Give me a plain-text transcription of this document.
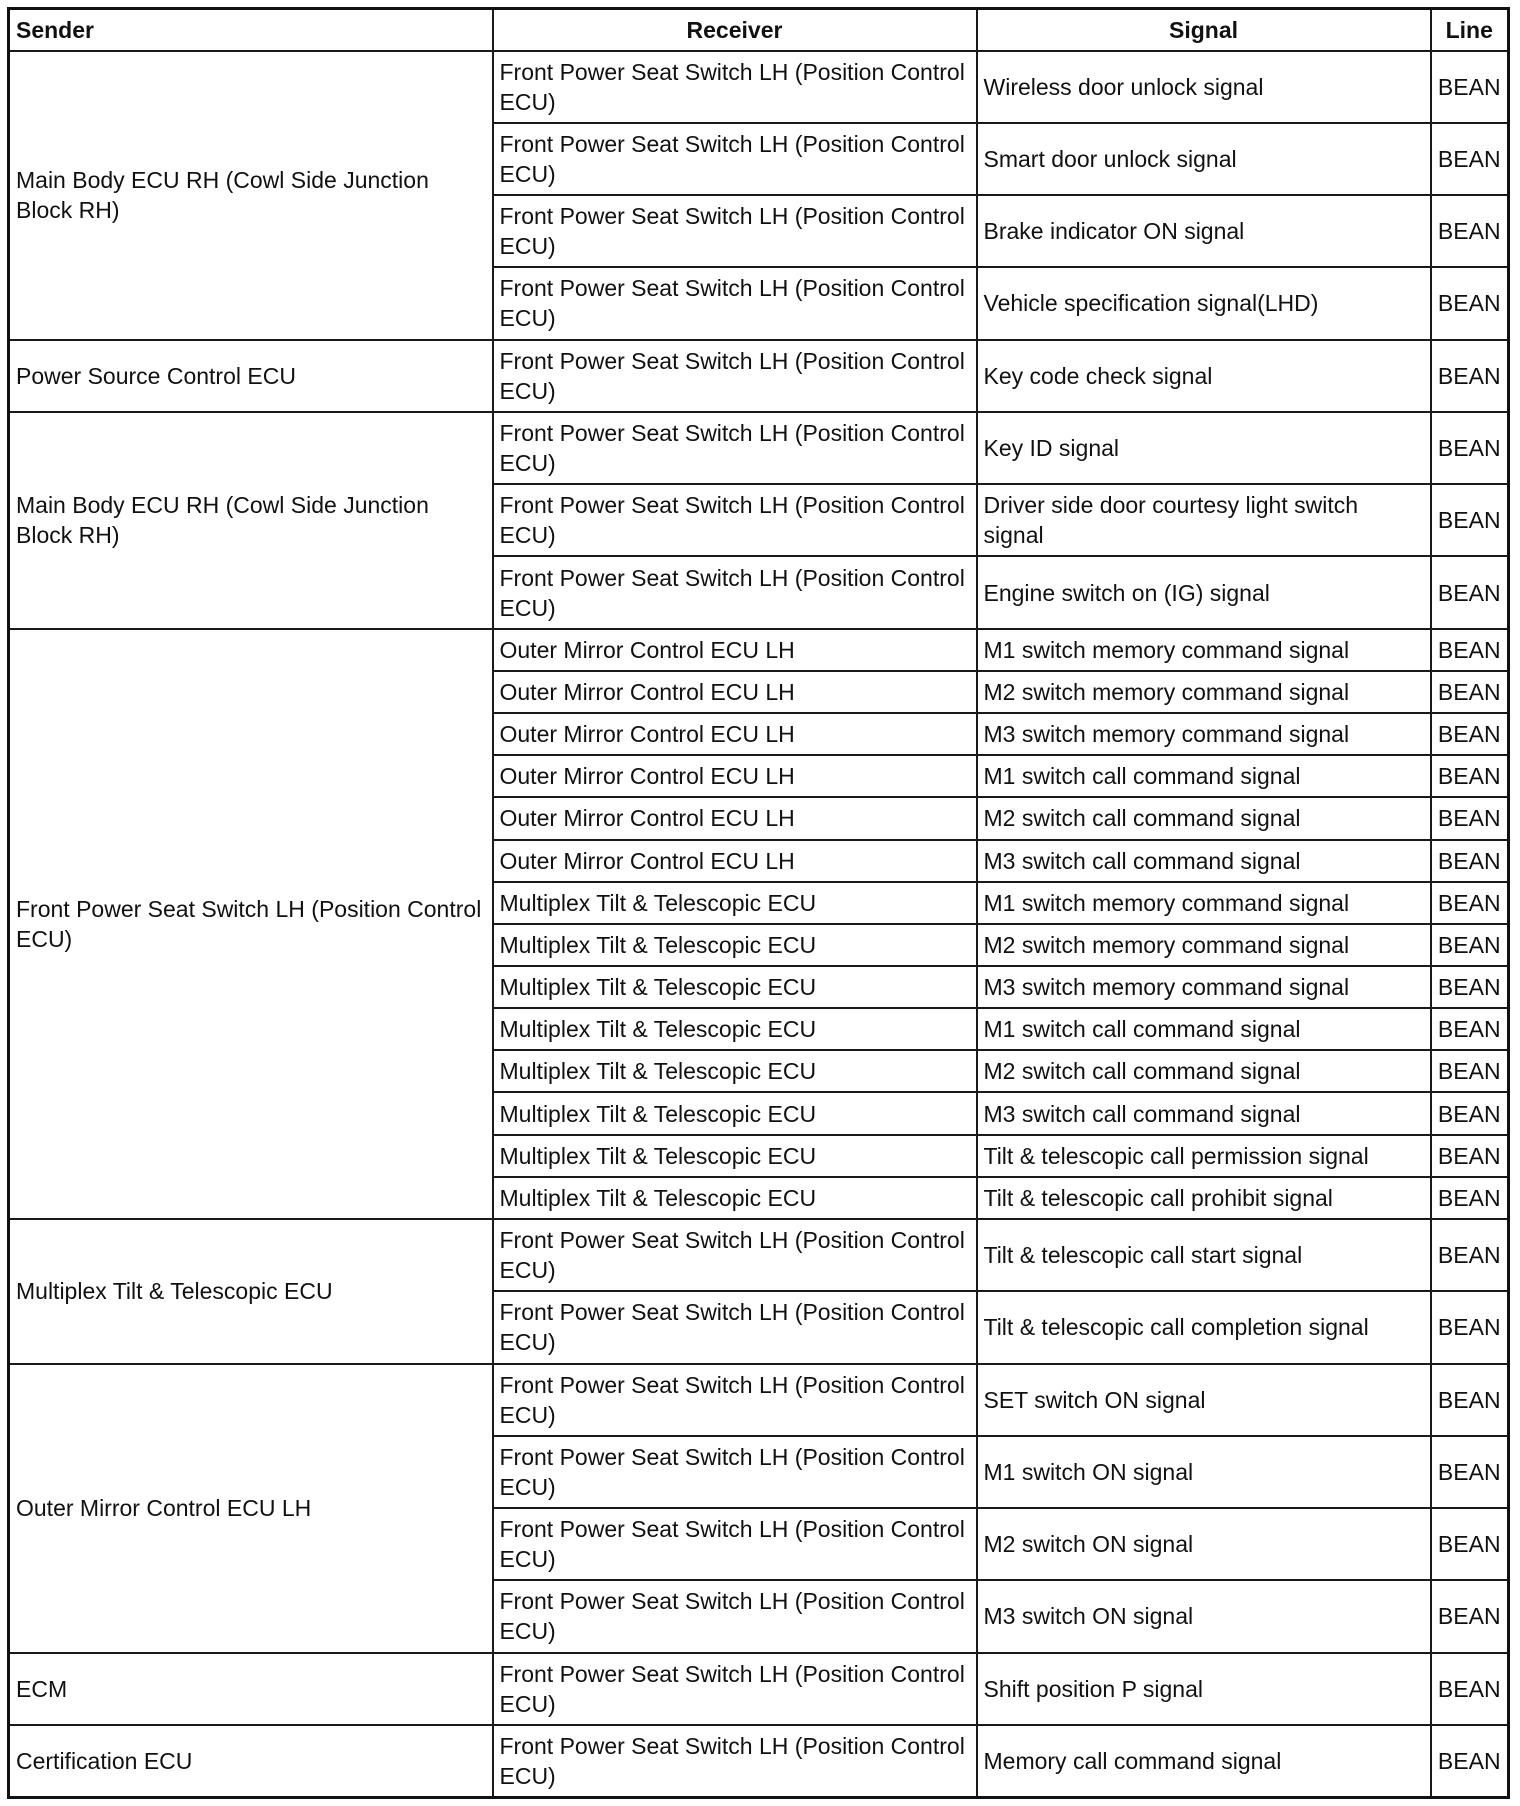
Sender	Receiver	Signal	Line
Main Body ECU RH (Cowl Side Junction Block RH)	Front Power Seat Switch LH (Position Control ECU)	Wireless door unlock signal	BEAN
	Front Power Seat Switch LH (Position Control ECU)	Smart door unlock signal	BEAN
	Front Power Seat Switch LH (Position Control ECU)	Brake indicator ON signal	BEAN
	Front Power Seat Switch LH (Position Control ECU)	Vehicle specification signal(LHD)	BEAN
Power Source Control ECU	Front Power Seat Switch LH (Position Control ECU)	Key code check signal	BEAN
Main Body ECU RH (Cowl Side Junction Block RH)	Front Power Seat Switch LH (Position Control ECU)	Key ID signal	BEAN
	Front Power Seat Switch LH (Position Control ECU)	Driver side door courtesy light switch signal	BEAN
	Front Power Seat Switch LH (Position Control ECU)	Engine switch on (IG) signal	BEAN
Front Power Seat Switch LH (Position Control ECU)	Outer Mirror Control ECU LH	M1 switch memory command signal	BEAN
	Outer Mirror Control ECU LH	M2 switch memory command signal	BEAN
	Outer Mirror Control ECU LH	M3 switch memory command signal	BEAN
	Outer Mirror Control ECU LH	M1 switch call command signal	BEAN
	Outer Mirror Control ECU LH	M2 switch call command signal	BEAN
	Outer Mirror Control ECU LH	M3 switch call command signal	BEAN
	Multiplex Tilt & Telescopic ECU	M1 switch memory command signal	BEAN
	Multiplex Tilt & Telescopic ECU	M2 switch memory command signal	BEAN
	Multiplex Tilt & Telescopic ECU	M3 switch memory command signal	BEAN
	Multiplex Tilt & Telescopic ECU	M1 switch call command signal	BEAN
	Multiplex Tilt & Telescopic ECU	M2 switch call command signal	BEAN
	Multiplex Tilt & Telescopic ECU	M3 switch call command signal	BEAN
	Multiplex Tilt & Telescopic ECU	Tilt & telescopic call permission signal	BEAN
	Multiplex Tilt & Telescopic ECU	Tilt & telescopic call prohibit signal	BEAN
Multiplex Tilt & Telescopic ECU	Front Power Seat Switch LH (Position Control ECU)	Tilt & telescopic call start signal	BEAN
	Front Power Seat Switch LH (Position Control ECU)	Tilt & telescopic call completion signal	BEAN
Outer Mirror Control ECU LH	Front Power Seat Switch LH (Position Control ECU)	SET switch ON signal	BEAN
	Front Power Seat Switch LH (Position Control ECU)	M1 switch ON signal	BEAN
	Front Power Seat Switch LH (Position Control ECU)	M2 switch ON signal	BEAN
	Front Power Seat Switch LH (Position Control ECU)	M3 switch ON signal	BEAN
ECM	Front Power Seat Switch LH (Position Control ECU)	Shift position P signal	BEAN
Certification ECU	Front Power Seat Switch LH (Position Control ECU)	Memory call command signal	BEAN
